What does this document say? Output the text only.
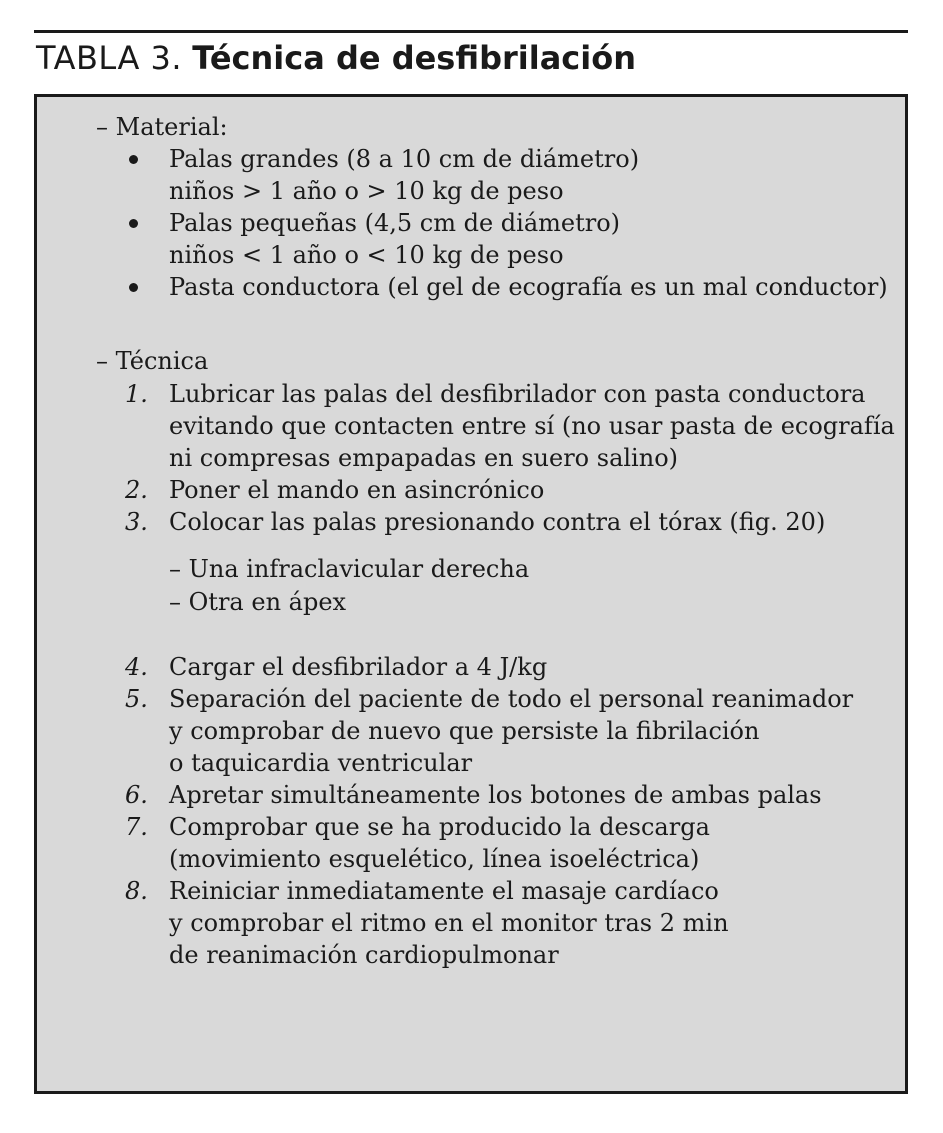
TABLA 3. Técnica de desfibrilación
– Material:
Palas grandes (8 a 10 cm de diámetro)
niños > 1 año o > 10 kg de peso
Palas pequeñas (4,5 cm de diámetro)
niños < 1 año o < 10 kg de peso
Pasta conductora (el gel de ecografía es un mal conductor)
– Técnica
1. Lubricar las palas del desfibrilador con pasta conductora
evitando que contacten entre sí (no usar pasta de ecografía
ni compresas empapadas en suero salino)
2. Poner el mando en asincrónico
3. Colocar las palas presionando contra el tórax (fig. 20)
– Una infraclavicular derecha
– Otra en ápex
4. Cargar el desfibrilador a 4 J/kg
5. Separación del paciente de todo el personal reanimador
y comprobar de nuevo que persiste la fibrilación
o taquicardia ventricular
6. Apretar simultáneamente los botones de ambas palas
7. Comprobar que se ha producido la descarga
(movimiento esquelético, línea isoeléctrica)
8. Reiniciar inmediatamente el masaje cardíaco
y comprobar el ritmo en el monitor tras 2 min
de reanimación cardiopulmonar
